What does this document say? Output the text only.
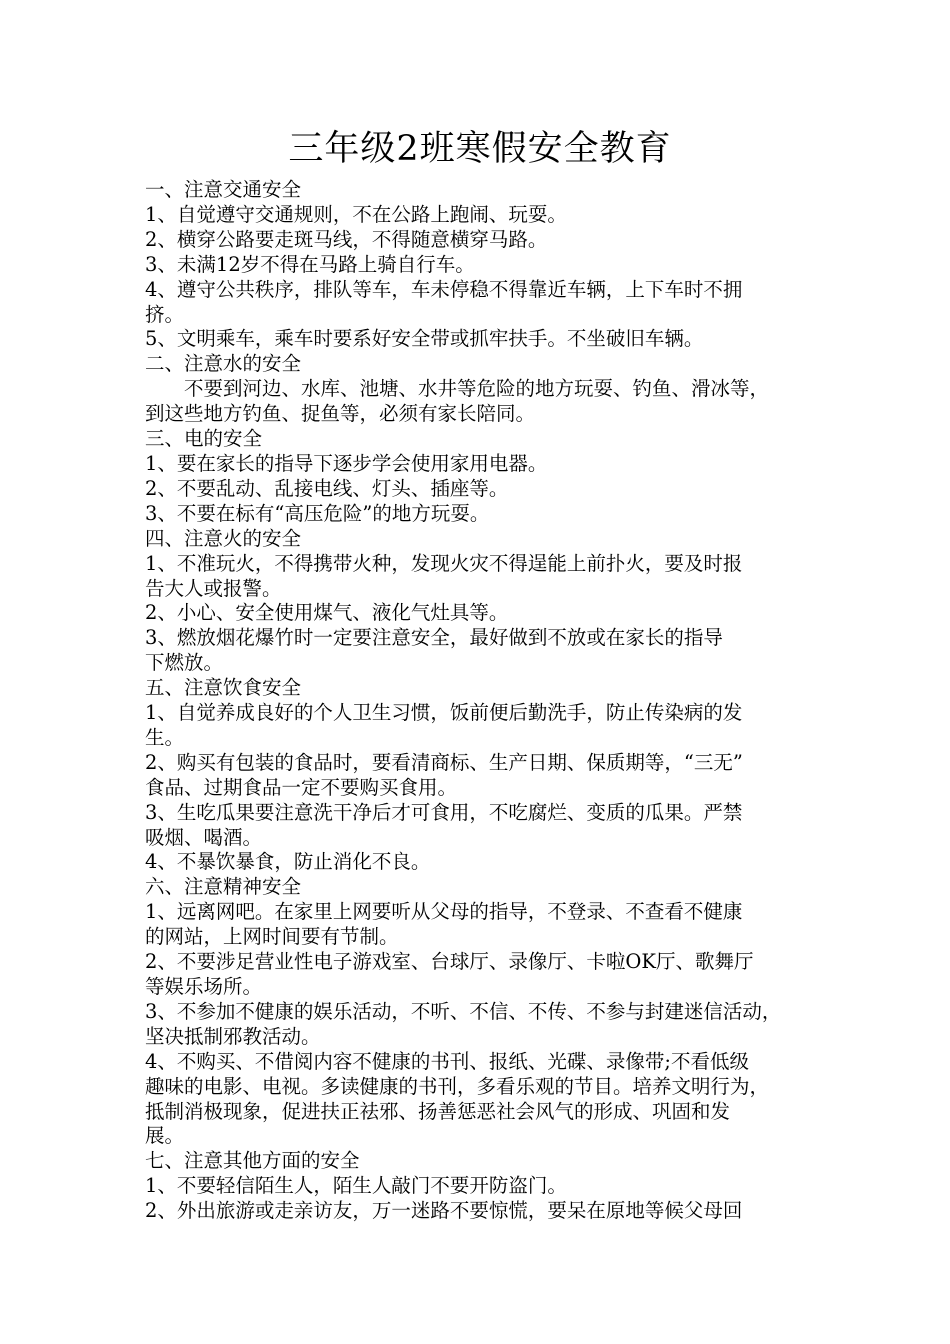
三年级2班寒假安全教育

一、注意交通安全

1、自觉遵守交通规则，不在公路上跑闹、玩耍。

2、横穿公路要走斑马线，不得随意横穿马路。

3、未满12岁不得在马路上骑自行车。

4、遵守公共秩序，排队等车，车未停稳不得靠近车辆，上下车时不拥

挤。

5、文明乘车，乘车时要系好安全带或抓牢扶手。不坐破旧车辆。

二、注意水的安全

不要到河边、水库、池塘、水井等危险的地方玩耍、钓鱼、滑冰等，

到这些地方钓鱼、捉鱼等，必须有家长陪同。

三、电的安全

1、要在家长的指导下逐步学会使用家用电器。

2、不要乱动、乱接电线、灯头、插座等。

3、不要在标有“高压危险”的地方玩耍。

四、注意火的安全

1、不准玩火，不得携带火种，发现火灾不得逞能上前扑火，要及时报

告大人或报警。

2、小心、安全使用煤气、液化气灶具等。

3、燃放烟花爆竹时一定要注意安全，最好做到不放或在家长的指导

下燃放。

五、注意饮食安全

1、自觉养成良好的个人卫生习惯，饭前便后勤洗手，防止传染病的发

生。

2、购买有包装的食品时，要看清商标、生产日期、保质期等，“三无”

食品、过期食品一定不要购买食用。

3、生吃瓜果要注意洗干净后才可食用，不吃腐烂、变质的瓜果。严禁

吸烟、喝酒。

4、不暴饮暴食，防止消化不良。

六、注意精神安全

1、远离网吧。在家里上网要听从父母的指导，不登录、不查看不健康

的网站，上网时间要有节制。

2、不要涉足营业性电子游戏室、台球厅、录像厅、卡啦OK厅、歌舞厅

等娱乐场所。

3、不参加不健康的娱乐活动，不听、不信、不传、不参与封建迷信活动，

坚决抵制邪教活动。

4、不购买、不借阅内容不健康的书刊、报纸、光碟、录像带;不看低级

趣味的电影、电视。多读健康的书刊，多看乐观的节目。培养文明行为，

抵制消极现象，促进扶正祛邪、扬善惩恶社会风气的形成、巩固和发

展。

七、注意其他方面的安全

1、不要轻信陌生人，陌生人敲门不要开防盗门。

2、外出旅游或走亲访友，万一迷路不要惊慌，要呆在原地等候父母回
